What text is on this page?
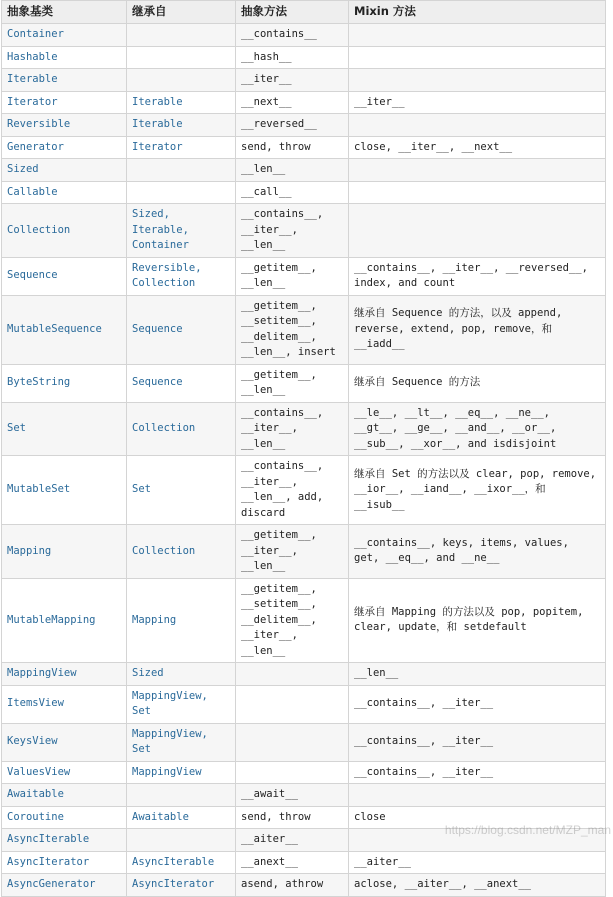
抽象基类	继承自	抽象方法	Mixin 方法
Container		__contains__	
Hashable		__hash__	
Iterable		__iter__	
Iterator	Iterable	__next__	__iter__
Reversible	Iterable	__reversed__	
Generator	Iterator	send, throw	close, __iter__, __next__
Sized		__len__	
Callable		__call__	
Collection	Sized, Iterable, Container	__contains__, __iter__, __len__	
Sequence	Reversible, Collection	__getitem__, __len__	__contains__, __iter__, __reversed__, index, and count
MutableSequence	Sequence	__getitem__, __setitem__, __delitem__, __len__, insert	继承自 Sequence 的方法，以及 append, reverse, extend, pop, remove，和 __iadd__
ByteString	Sequence	__getitem__, __len__	继承自 Sequence 的方法
Set	Collection	__contains__, __iter__, __len__	__le__, __lt__, __eq__, __ne__, __gt__, __ge__, __and__, __or__, __sub__, __xor__, and isdisjoint
MutableSet	Set	__contains__, __iter__, __len__, add, discard	继承自 Set 的方法以及 clear, pop, remove, __ior__, __iand__, __ixor__，和 __isub__
Mapping	Collection	__getitem__, __iter__, __len__	__contains__, keys, items, values, get, __eq__, and __ne__
MutableMapping	Mapping	__getitem__, __setitem__, __delitem__, __iter__, __len__	继承自 Mapping 的方法以及 pop, popitem, clear, update，和 setdefault
MappingView	Sized		__len__
ItemsView	MappingView, Set		__contains__, __iter__
KeysView	MappingView, Set		__contains__, __iter__
ValuesView	MappingView		__contains__, __iter__
Awaitable		__await__	
Coroutine	Awaitable	send, throw	close
AsyncIterable		__aiter__	
AsyncIterator	AsyncIterable	__anext__	__aiter__
AsyncGenerator	AsyncIterator	asend, athrow	aclose, __aiter__, __anext__
https://blog.csdn.net/MZP_man
